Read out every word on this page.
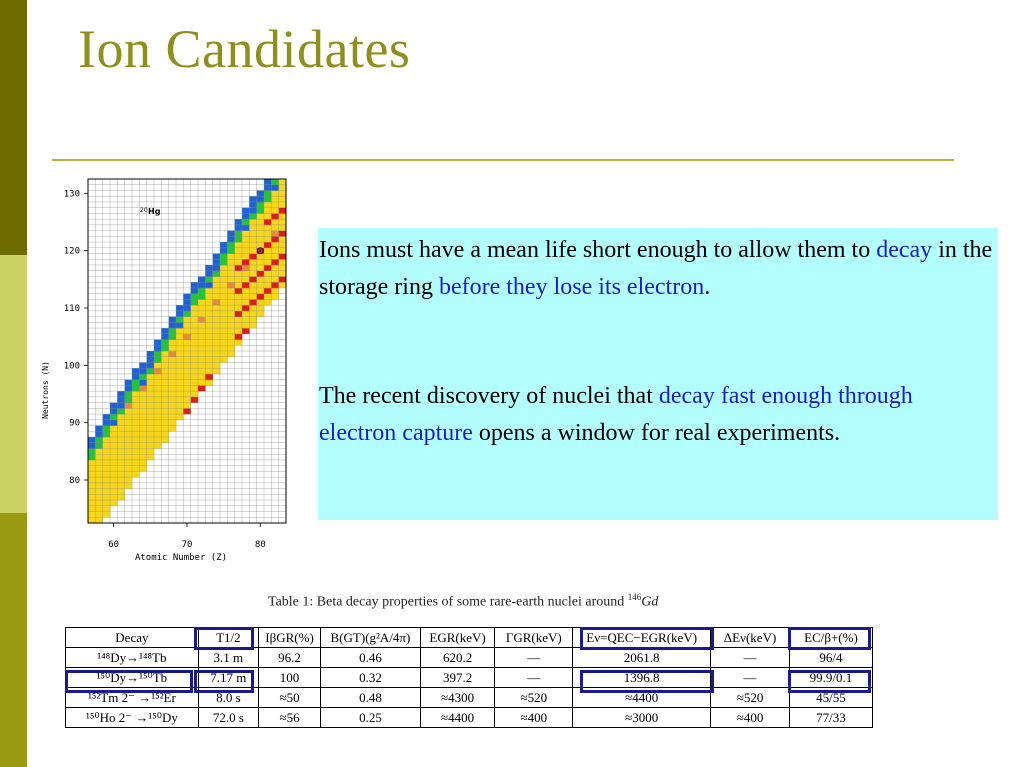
Ion Candidates
60	70	80
80
90
100
110
120
130
20 Hg
Atomic Number (Z)
Neutrons (N)

Ions must have a mean life short enough to allow them to decay in the storage ring before they lose its electron.

The recent discovery of nuclei that decay fast enough through electron capture opens a window for real experiments.

Table 1: Beta decay properties of some rare-earth nuclei around $^{146}$Gd
Decay	T1/2	IβGR(%)	B(GT)(g²A/4π)	EGR(keV)	ΓGR(keV)	Eν=QEC−EGR(keV)	ΔEν(keV)	EC/β+(%)
¹⁴⁸Dy→¹⁴⁸Tb	3.1 m	96.2	0.46	620.2	—	2061.8	—	96/4
¹⁵⁰Dy→¹⁵⁰Tb	7.17 m	100	0.32	397.2	—	1396.8	—	99.9/0.1
¹⁵²Tm 2⁻ →¹⁵²Er	8.0 s	≈50	0.48	≈4300	≈520	≈4400	≈520	45/55
¹⁵⁰Ho 2⁻ →¹⁵⁰Dy	72.0 s	≈56	0.25	≈4400	≈400	≈3000	≈400	77/33
